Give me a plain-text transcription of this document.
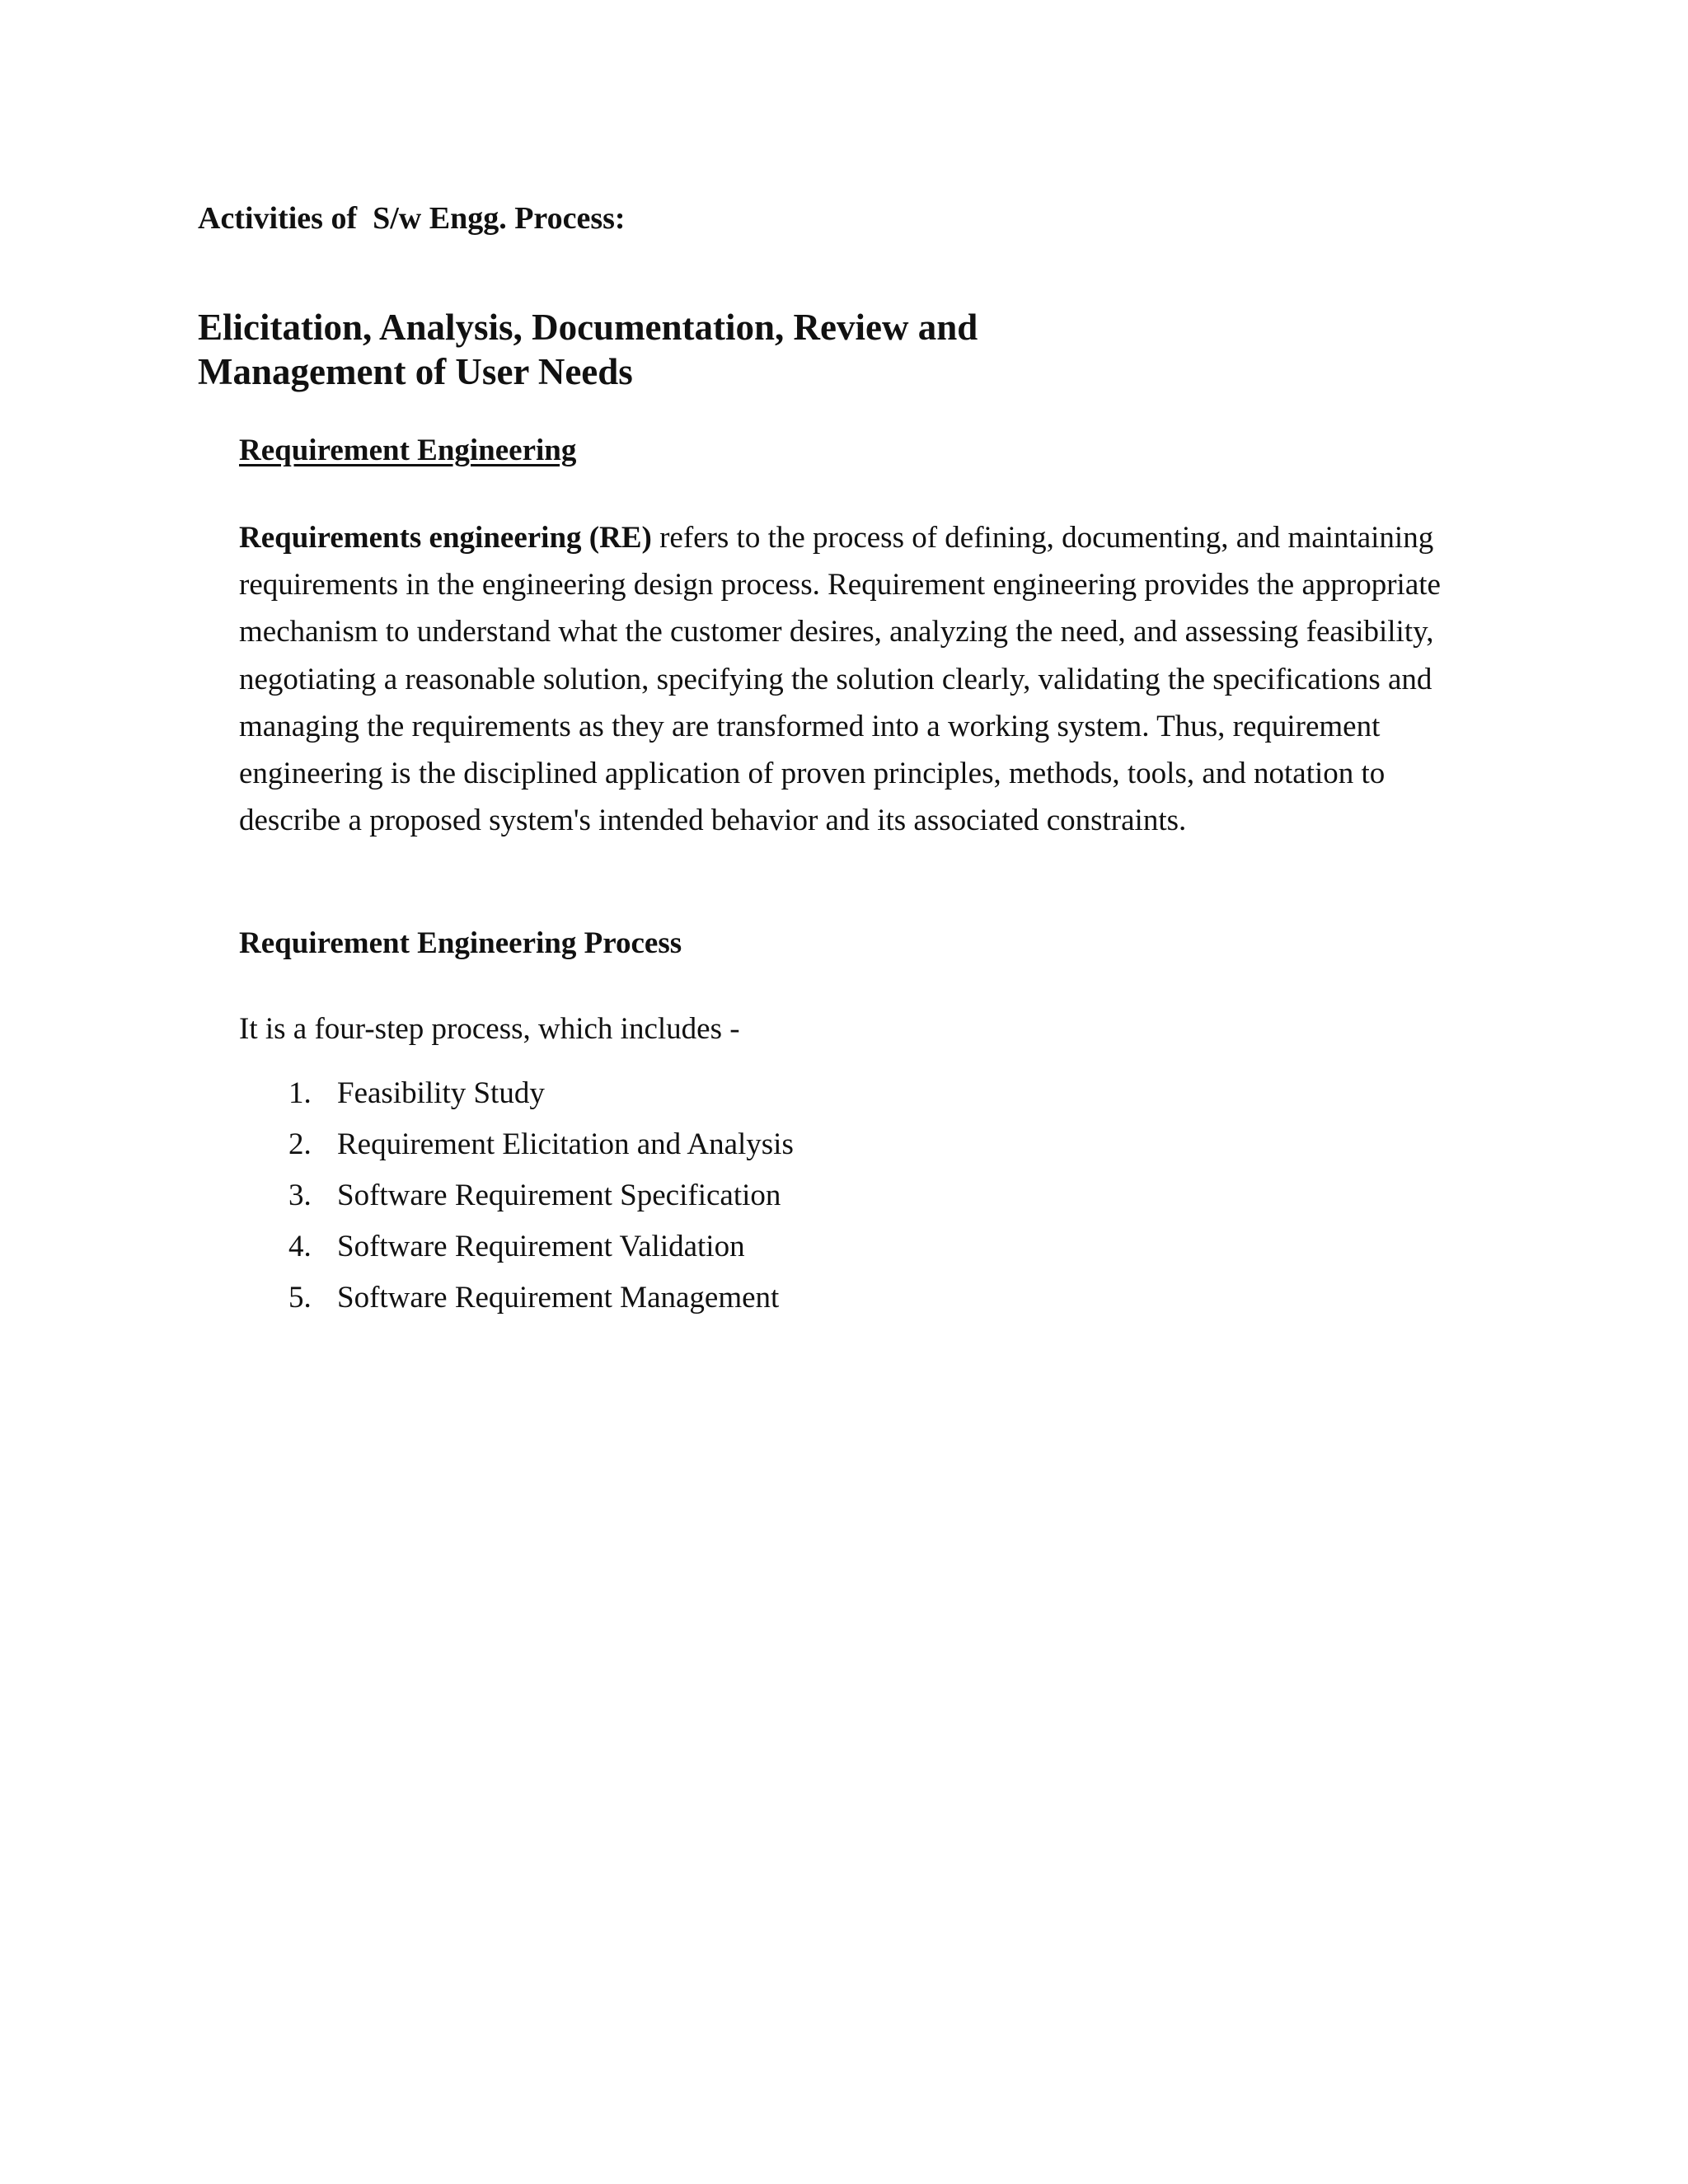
Activities of  S/w Engg. Process:
Elicitation, Analysis, Documentation, Review and
Management of User Needs
Requirement Engineering

Requirements engineering (RE) refers to the process of defining, documenting, and maintaining requirements in the engineering design process. Requirement engineering provides the appropriate mechanism to understand what the customer desires, analyzing the need, and assessing feasibility, negotiating a reasonable solution, specifying the solution clearly, validating the specifications and managing the requirements as they are transformed into a working system. Thus, requirement engineering is the disciplined application of proven principles, methods, tools, and notation to describe a proposed system's intended behavior and its associated constraints.

Requirement Engineering Process

It is a four-step process, which includes -

1. Feasibility Study
2. Requirement Elicitation and Analysis
3. Software Requirement Specification
4. Software Requirement Validation
5. Software Requirement Management
